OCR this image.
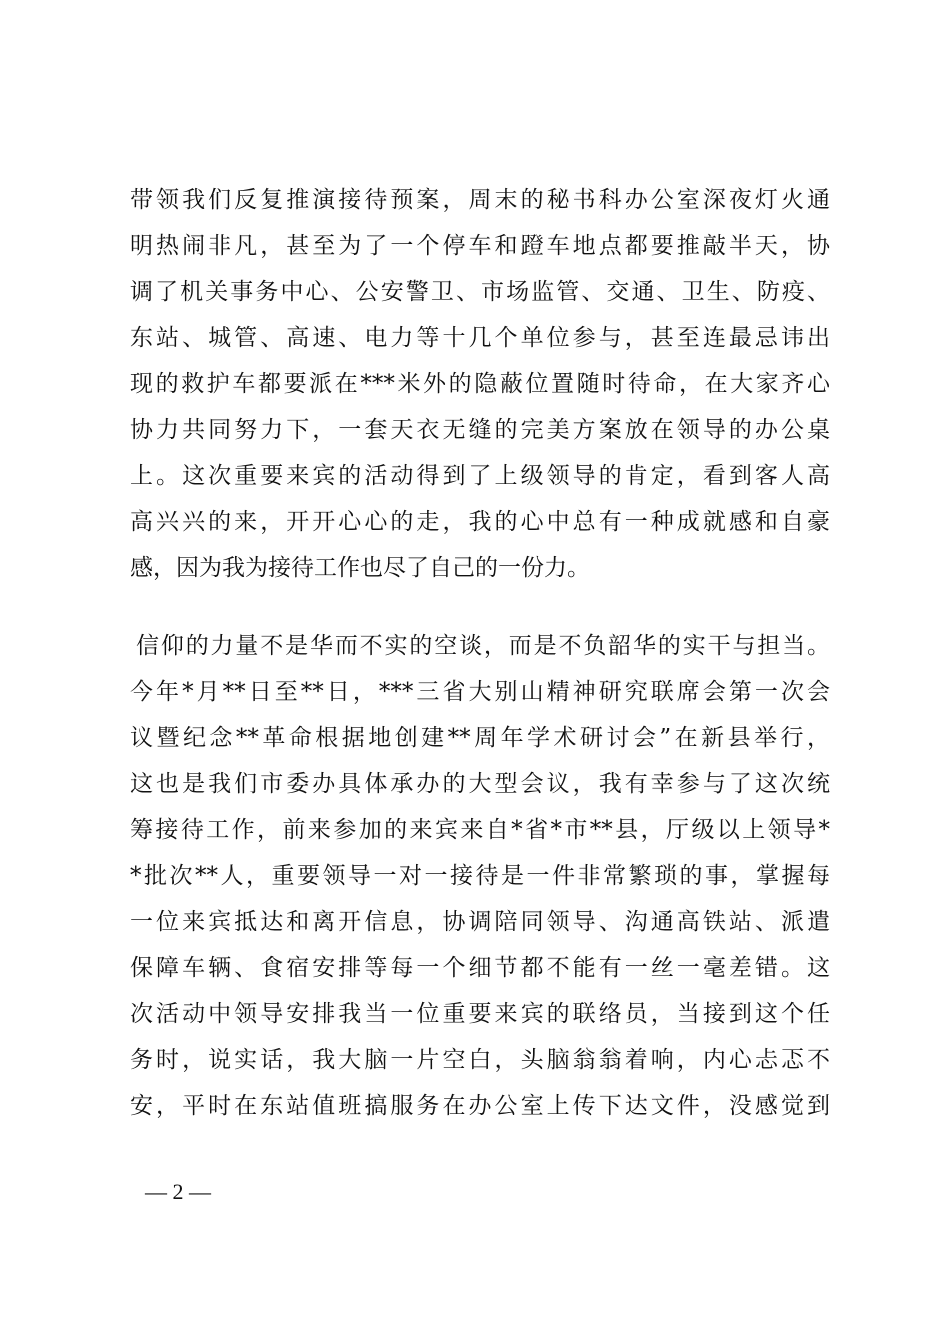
带领我们反复推演接待预案，周末的秘书科办公室深夜灯火通
明热闹非凡，甚至为了一个停车和蹬车地点都要推敲半天，协
调了机关事务中心、公安警卫、市场监管、交通、卫生、防疫、
东站、城管、高速、电力等十几个单位参与，甚至连最忌讳出
现的救护车都要派在***米外的隐蔽位置随时待命，在大家齐心
协力共同努力下，一套天衣无缝的完美方案放在领导的办公桌
上。这次重要来宾的活动得到了上级领导的肯定，看到客人高
高兴兴的来，开开心心的走，我的心中总有一种成就感和自豪
感，因为我为接待工作也尽了自己的一份力。
信仰的力量不是华而不实的空谈，而是不负韶华的实干与担当。
今年*月**日至**日，***三省大别山精神研究联席会第一次会
议暨纪念**革命根据地创建**周年学术研讨会”在新县举行，
这也是我们市委办具体承办的大型会议，我有幸参与了这次统
筹接待工作，前来参加的来宾来自*省*市**县，厅级以上领导*
*批次**人，重要领导一对一接待是一件非常繁琐的事，掌握每
一位来宾抵达和离开信息，协调陪同领导、沟通高铁站、派遣
保障车辆、食宿安排等每一个细节都不能有一丝一毫差错。这
次活动中领导安排我当一位重要来宾的联络员，当接到这个任
务时，说实话，我大脑一片空白，头脑翁翁着响，内心忐忑不
安，平时在东站值班搞服务在办公室上传下达文件，没感觉到
— 2 —
